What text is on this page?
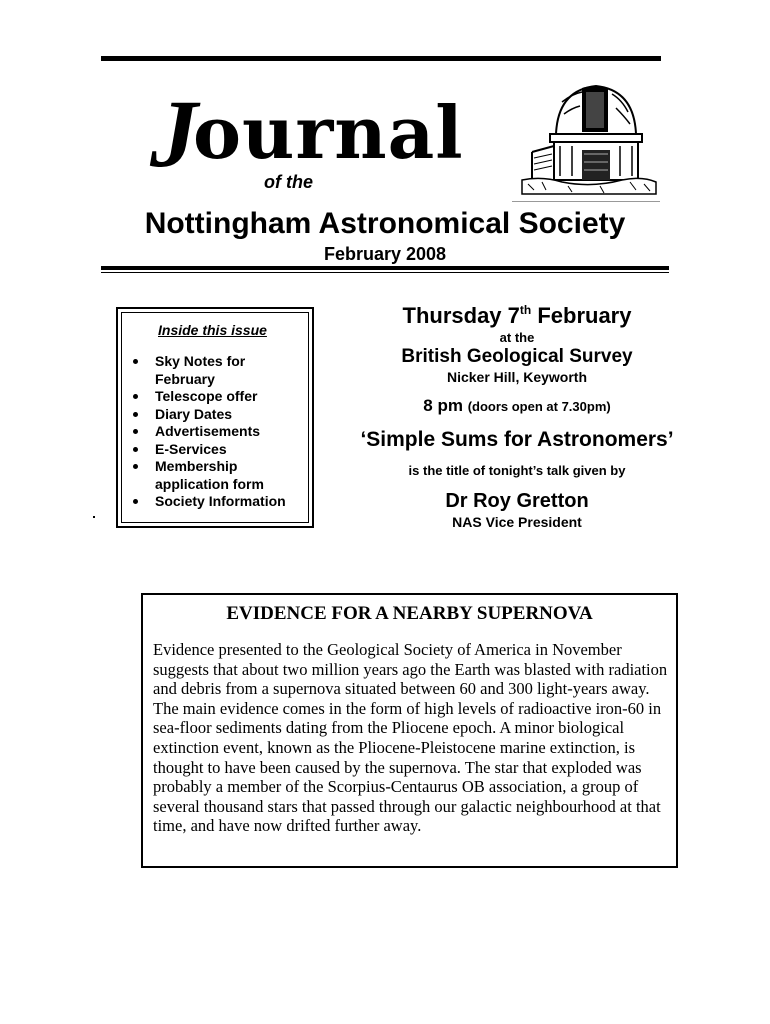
Journal
of the
Nottingham Astronomical Society
February 2008
Inside this issue
Sky Notes for February
Telescope offer
Diary Dates
Advertisements
E-Services
Membership application form
Society Information
Thursday 7th February
at the
British Geological Survey
Nicker Hill, Keyworth
8 pm (doors open at 7.30pm)
‘Simple Sums for Astronomers’
is the title of tonight’s talk given by
Dr Roy Gretton
NAS Vice President
EVIDENCE FOR A NEARBY SUPERNOVA

Evidence presented to the Geological Society of America in November suggests that about two million years ago the Earth was blasted with radiation and debris from a supernova situated between 60 and 300 light-years away. The main evidence comes in the form of high levels of radioactive iron-60 in sea-floor sediments dating from the Pliocene epoch. A minor biological extinction event, known as the Pliocene-Pleistocene marine extinction, is thought to have been caused by the supernova. The star that exploded was probably a member of the Scorpius-Centaurus OB association, a group of several thousand stars that passed through our galactic neighbourhood at that time, and have now drifted further away.
